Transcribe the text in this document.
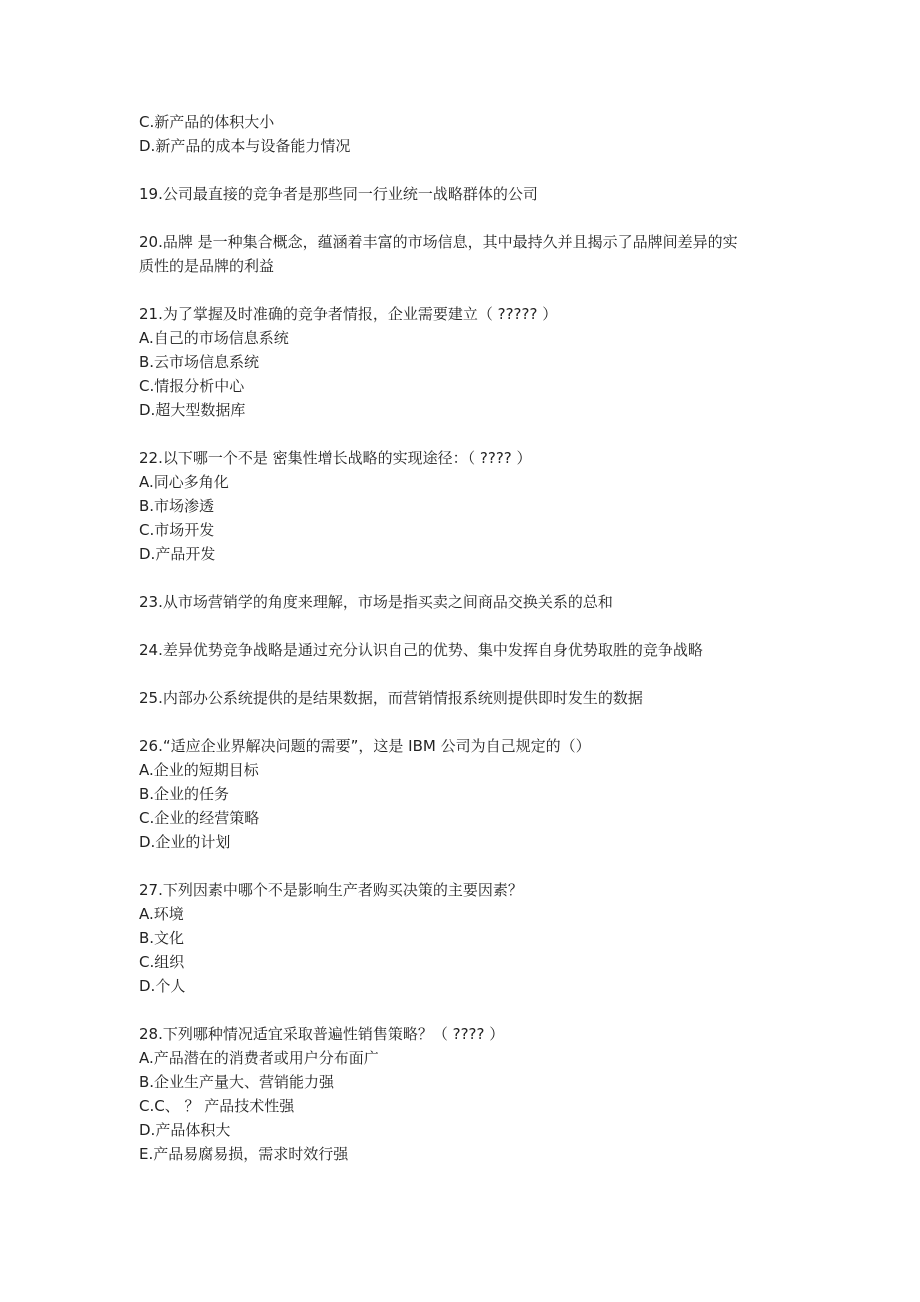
C.新产品的体积大小
D.新产品的成本与设备能力情况
19.公司最直接的竞争者是那些同一行业统一战略群体的公司
20.品牌 是一种集合概念，蕴涵着丰富的市场信息，其中最持久并且揭示了品牌间差异的实
质性的是品牌的利益
21.为了掌握及时准确的竞争者情报，企业需要建立（ ????? ）
A.自己的市场信息系统
B.云市场信息系统
C.情报分析中心
D.超大型数据库
22.以下哪一个不是 密集性增长战略的实现途径：（ ???? ）
A.同心多角化
B.市场渗透
C.市场开发
D.产品开发
23.从市场营销学的角度来理解，市场是指买卖之间商品交换关系的总和
24.差异优势竞争战略是通过充分认识自己的优势、集中发挥自身优势取胜的竞争战略
25.内部办公系统提供的是结果数据，而营销情报系统则提供即时发生的数据
26.“适应企业界解决问题的需要”，这是 IBM 公司为自己规定的（）
A.企业的短期目标
B.企业的任务
C.企业的经营策略
D.企业的计划
27.下列因素中哪个不是影响生产者购买决策的主要因素？
A.环境
B.文化
C.组织
D.个人
28.下列哪种情况适宜采取普遍性销售策略？（ ???? ）
A.产品潜在的消费者或用户分布面广
B.企业生产量大、营销能力强
C.C、 ？ 产品技术性强
D.产品体积大
E.产品易腐易损，需求时效行强
